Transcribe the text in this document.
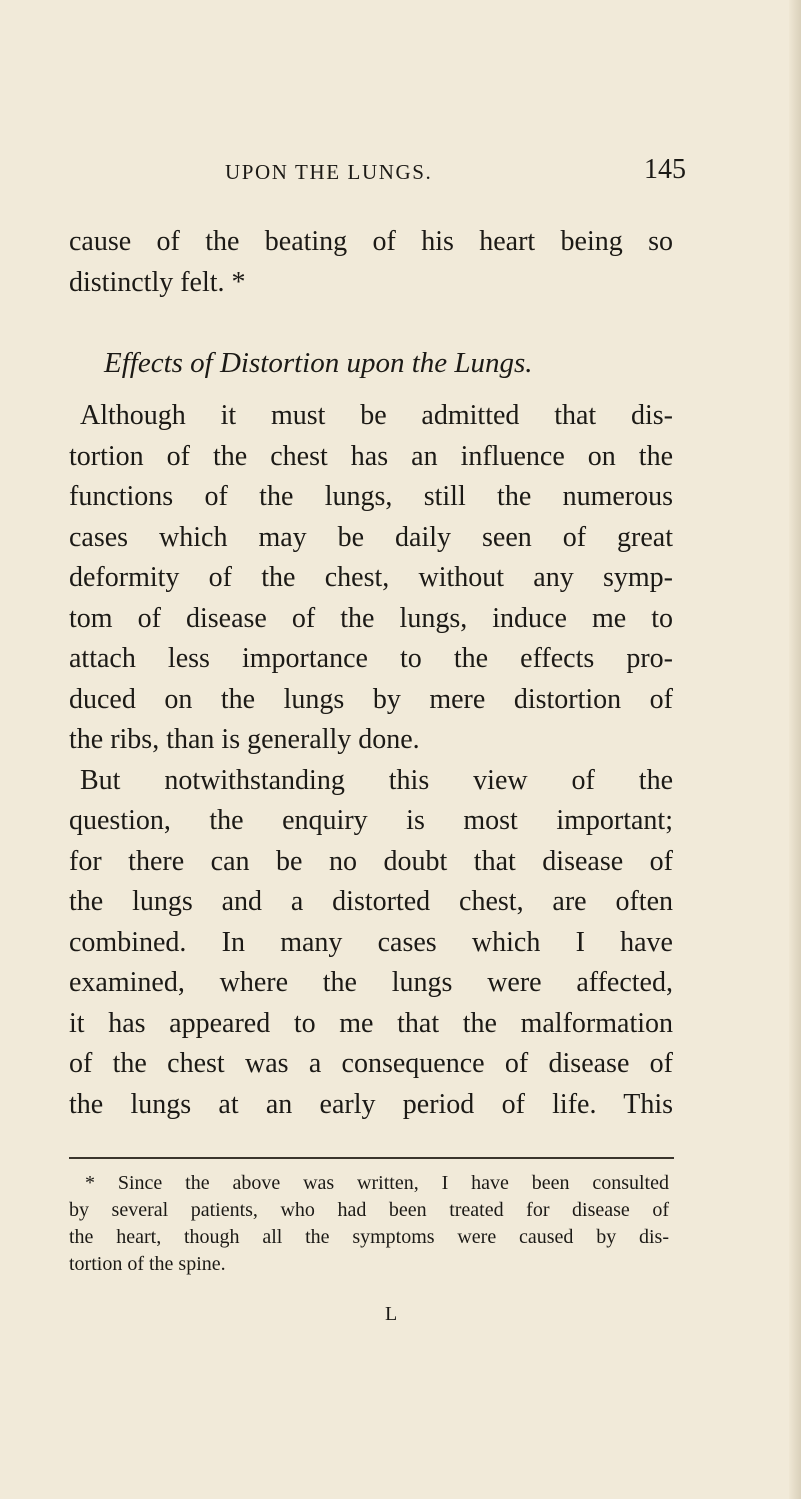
UPON THE LUNGS.	145
cause of the beating of his heart being so
distinctly felt. *
Effects of Distortion upon the Lungs.
Although it must be admitted that dis-
tortion of the chest has an influence on the
functions of the lungs, still the numerous
cases which may be daily seen of great
deformity of the chest, without any symp-
tom of disease of the lungs, induce me to
attach less importance to the effects pro-
duced on the lungs by mere distortion of
the ribs, than is generally done.
But notwithstanding this view of the
question, the enquiry is most important;
for there can be no doubt that disease of
the lungs and a distorted chest, are often
combined. In many cases which I have
examined, where the lungs were affected,
it has appeared to me that the malformation
of the chest was a consequence of disease of
the lungs at an early period of life. This
* Since the above was written, I have been consulted
by several patients, who had been treated for disease of
the heart, though all the symptoms were caused by dis-
tortion of the spine.
L
